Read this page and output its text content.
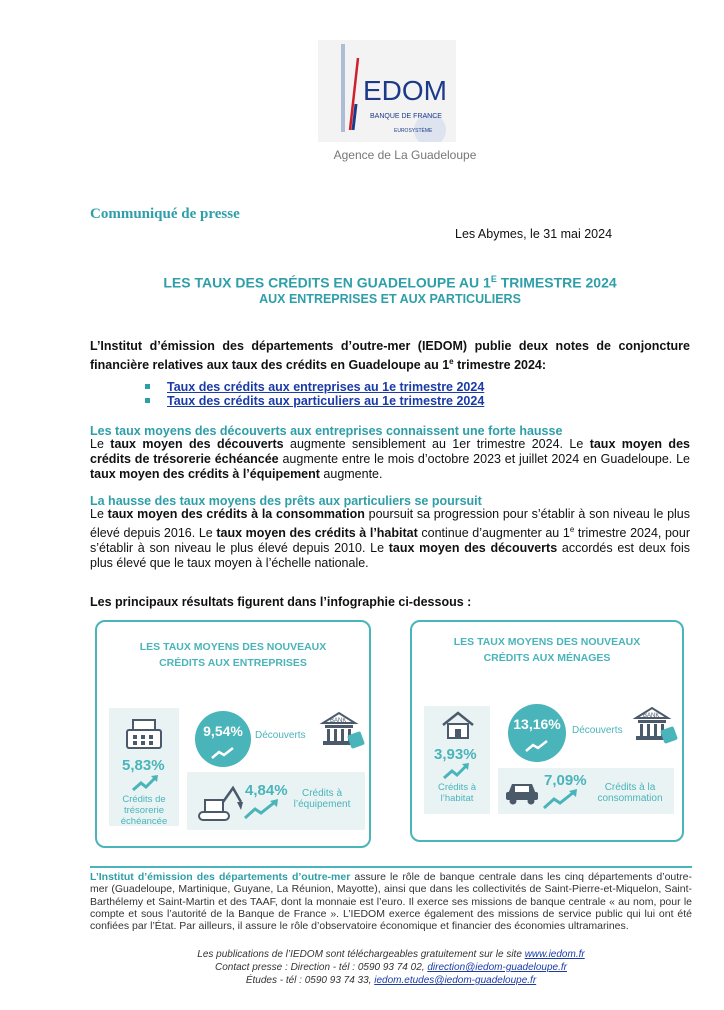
EDOM
BANQUE DE FRANCE
EUROSYSTÈME
Agence de La Guadeloupe
Communiqué de presse
Les Abymes, le 31 mai 2024
LES TAUX DES CRÉDITS EN GUADELOUPE AU $1^E$ TRIMESTRE 2024
AUX ENTREPRISES ET AUX PARTICULIERS
L’Institut d’émission des départements d’outre-mer (IEDOM) publie deux notes de conjoncture financière relatives aux taux des crédits en Guadeloupe au 1e trimestre 2024:
Taux des crédits aux entreprises au 1e trimestre 2024
Taux des crédits aux particuliers au 1e trimestre 2024
Les taux moyens des découverts aux entreprises connaissent une forte hausse
Le taux moyen des découverts augmente sensiblement au 1er trimestre 2024. Le taux moyen des crédits de trésorerie échéancée augmente entre le mois d’octobre 2023 et juillet 2024 en Guadeloupe. Le taux moyen des crédits à l’équipement augmente.
La hausse des taux moyens des prêts aux particuliers se poursuit
Le taux moyen des crédits à la consommation poursuit sa progression pour s’établir à son niveau le plus élevé depuis 2016. Le taux moyen des crédits à l’habitat continue d’augmenter au 1e trimestre 2024, pour s’établir à son niveau le plus élevé depuis 2010. Le taux moyen des découverts accordés est deux fois plus élevé que le taux moyen à l’échelle nationale.
Les principaux résultats figurent dans l’infographie ci-dessous :
LES TAUX MOYENS DES NOUVEAUX CRÉDITS AUX ENTREPRISES
5,83%
Crédits de trésorerie échéancée
9,54%	Découverts
BANK
4,84%	Crédits à l’équipement
LES TAUX MOYENS DES NOUVEAUX CRÉDITS AUX MÉNAGES
3,93%
Crédits à l’habitat
13,16%	Découverts
BANK
7,09%	Crédits à la consommation
L’Institut d’émission des départements d’outre-mer assure le rôle de banque centrale dans les cinq départements d’outre-mer (Guadeloupe, Martinique, Guyane, La Réunion, Mayotte), ainsi que dans les collectivités de Saint-Pierre-et-Miquelon, Saint-Barthélemy et Saint-Martin et des TAAF, dont la monnaie est l’euro. Il exerce ses missions de banque centrale « au nom, pour le compte et sous l’autorité de la Banque de France ». L’IEDOM exerce également des missions de service public qui lui ont été confiées par l’État. Par ailleurs, il assure le rôle d’observatoire économique et financier des économies ultramarines.
Les publications de l’IEDOM sont téléchargeables gratuitement sur le site www.iedom.fr
Contact presse : Direction - tél : 0590 93 74 02, direction@iedom-guadeloupe.fr
Études - tél : 0590 93 74 33, iedom.etudes@iedom-guadeloupe.fr
